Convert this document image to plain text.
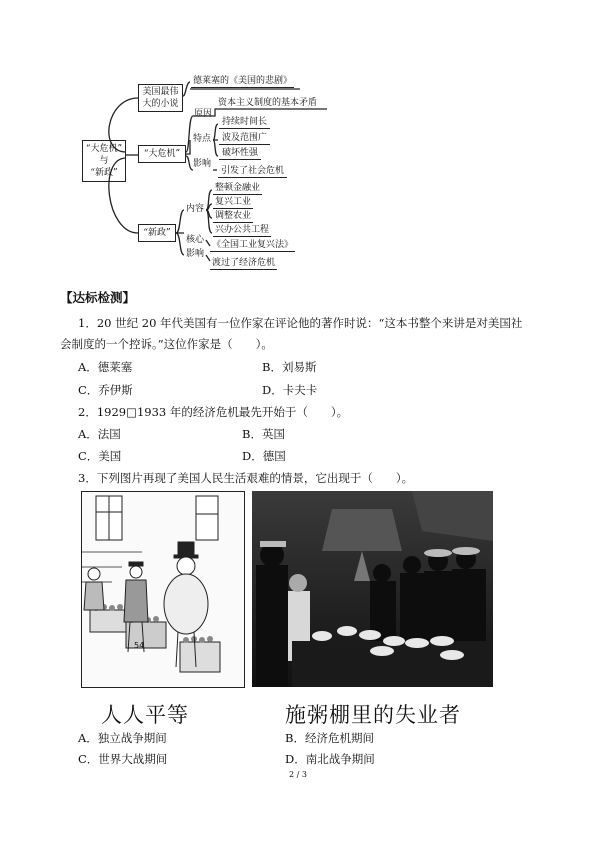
“大危机”
与
“新政”
美国最伟
大的小说
德莱塞的《美国的悲剧》
“大危机”
原因
资本主义制度的基本矛盾
特点
持续时间长
波及范围广
破坏性强
影响
引发了社会危机
“新政”
内容
整顿金融业
复兴工业
调整农业
兴办公共工程
核心 《全国工业复兴法》
影响
渡过了经济危机
【达标检测】
1．20 世纪 20 年代美国有一位作家在评论他的著作时说：“这本书整个来讲是对美国社
会制度的一个控诉。”这位作家是（　　）。
A．德莱塞	B．刘易斯
C．乔伊斯	D．卡夫卡
2．1929□1933 年的经济危机最先开始于（　　）。
A．法国	B．英国
C．美国	D．德国
3．下列图片再现了美国人民生活艰难的情景，它出现于（　　）。
54
人人平等	施粥棚里的失业者
A．独立战争期间	B．经济危机期间
C．世界大战期间	D．南北战争期间
2 / 3
